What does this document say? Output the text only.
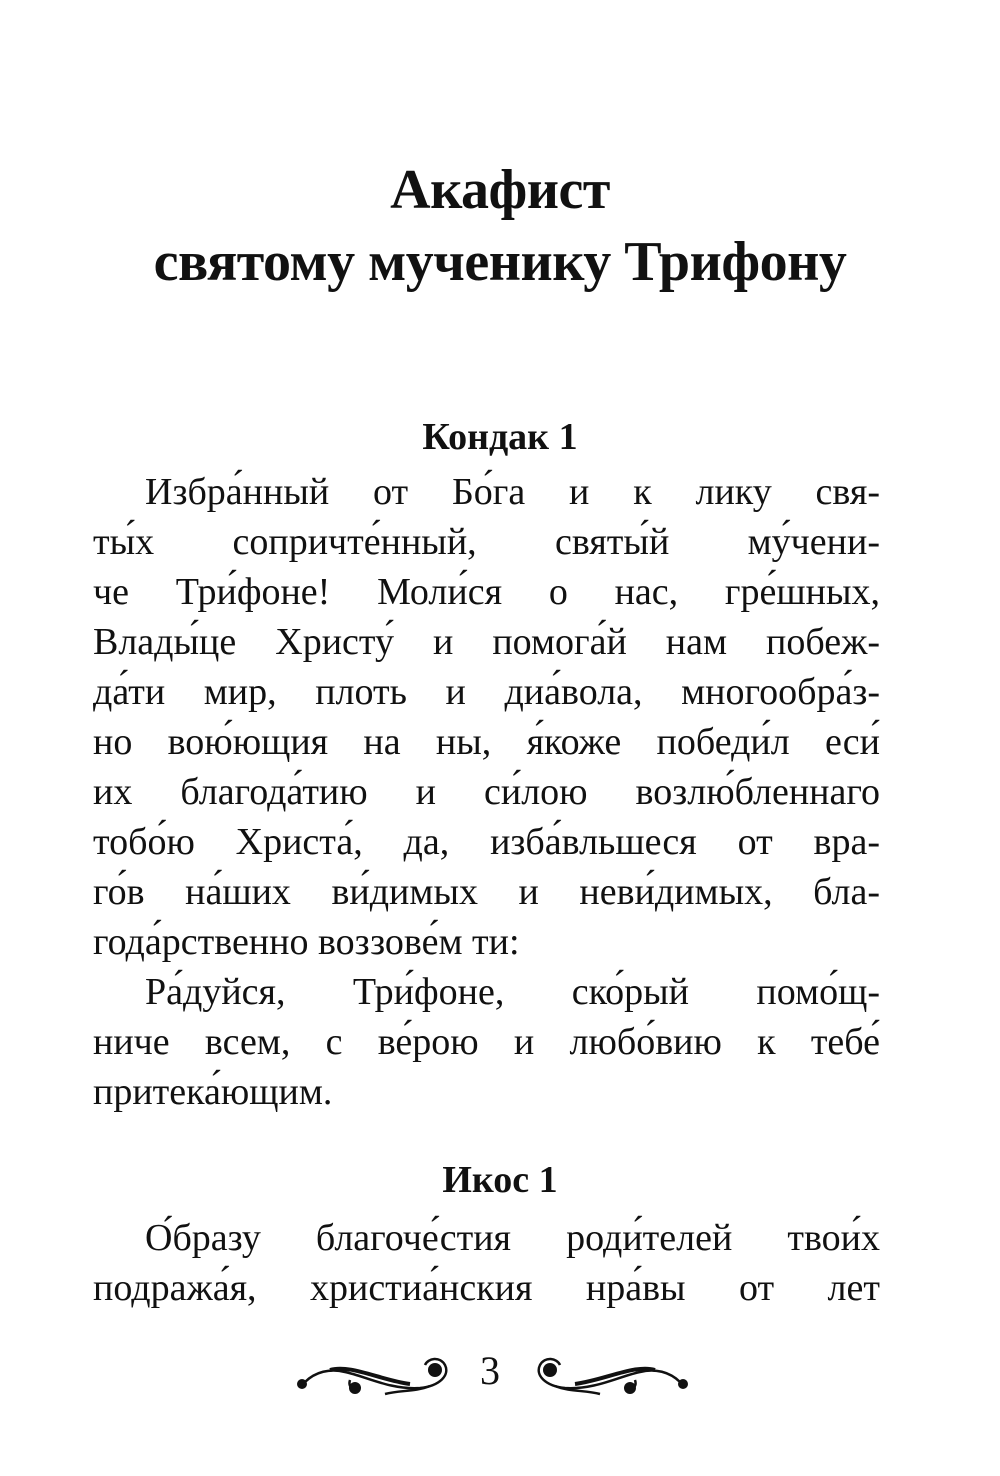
Акафист
святому мученику Трифону
Кондак 1
Избра́нный от Бо́га и к лику свя-
ты́х сопричте́нный, святы́й му́чени-
че Три́фоне! Моли́ся о нас, гре́шных,
Влады́це Христу́ и помога́й нам побеж-
да́ти мир, плоть и диа́вола, многообра́з-
но вою́ющия на ны, я́коже победи́л еси́
их благода́тию и си́лою возлю́бленнаго
тобо́ю Христа́, да, изба́вльшеся от вра-
го́в на́ших ви́димых и неви́димых, бла-
года́рственно воззове́м ти:
Ра́дуйся, Три́фоне, ско́рый помо́щ-
ниче всем, с ве́рою и любо́вию к тебе́
притека́ющим.
Икос 1
О́бразу благоче́стия роди́телей твои́х
подража́я, христиа́нския нра́вы от лет
3
